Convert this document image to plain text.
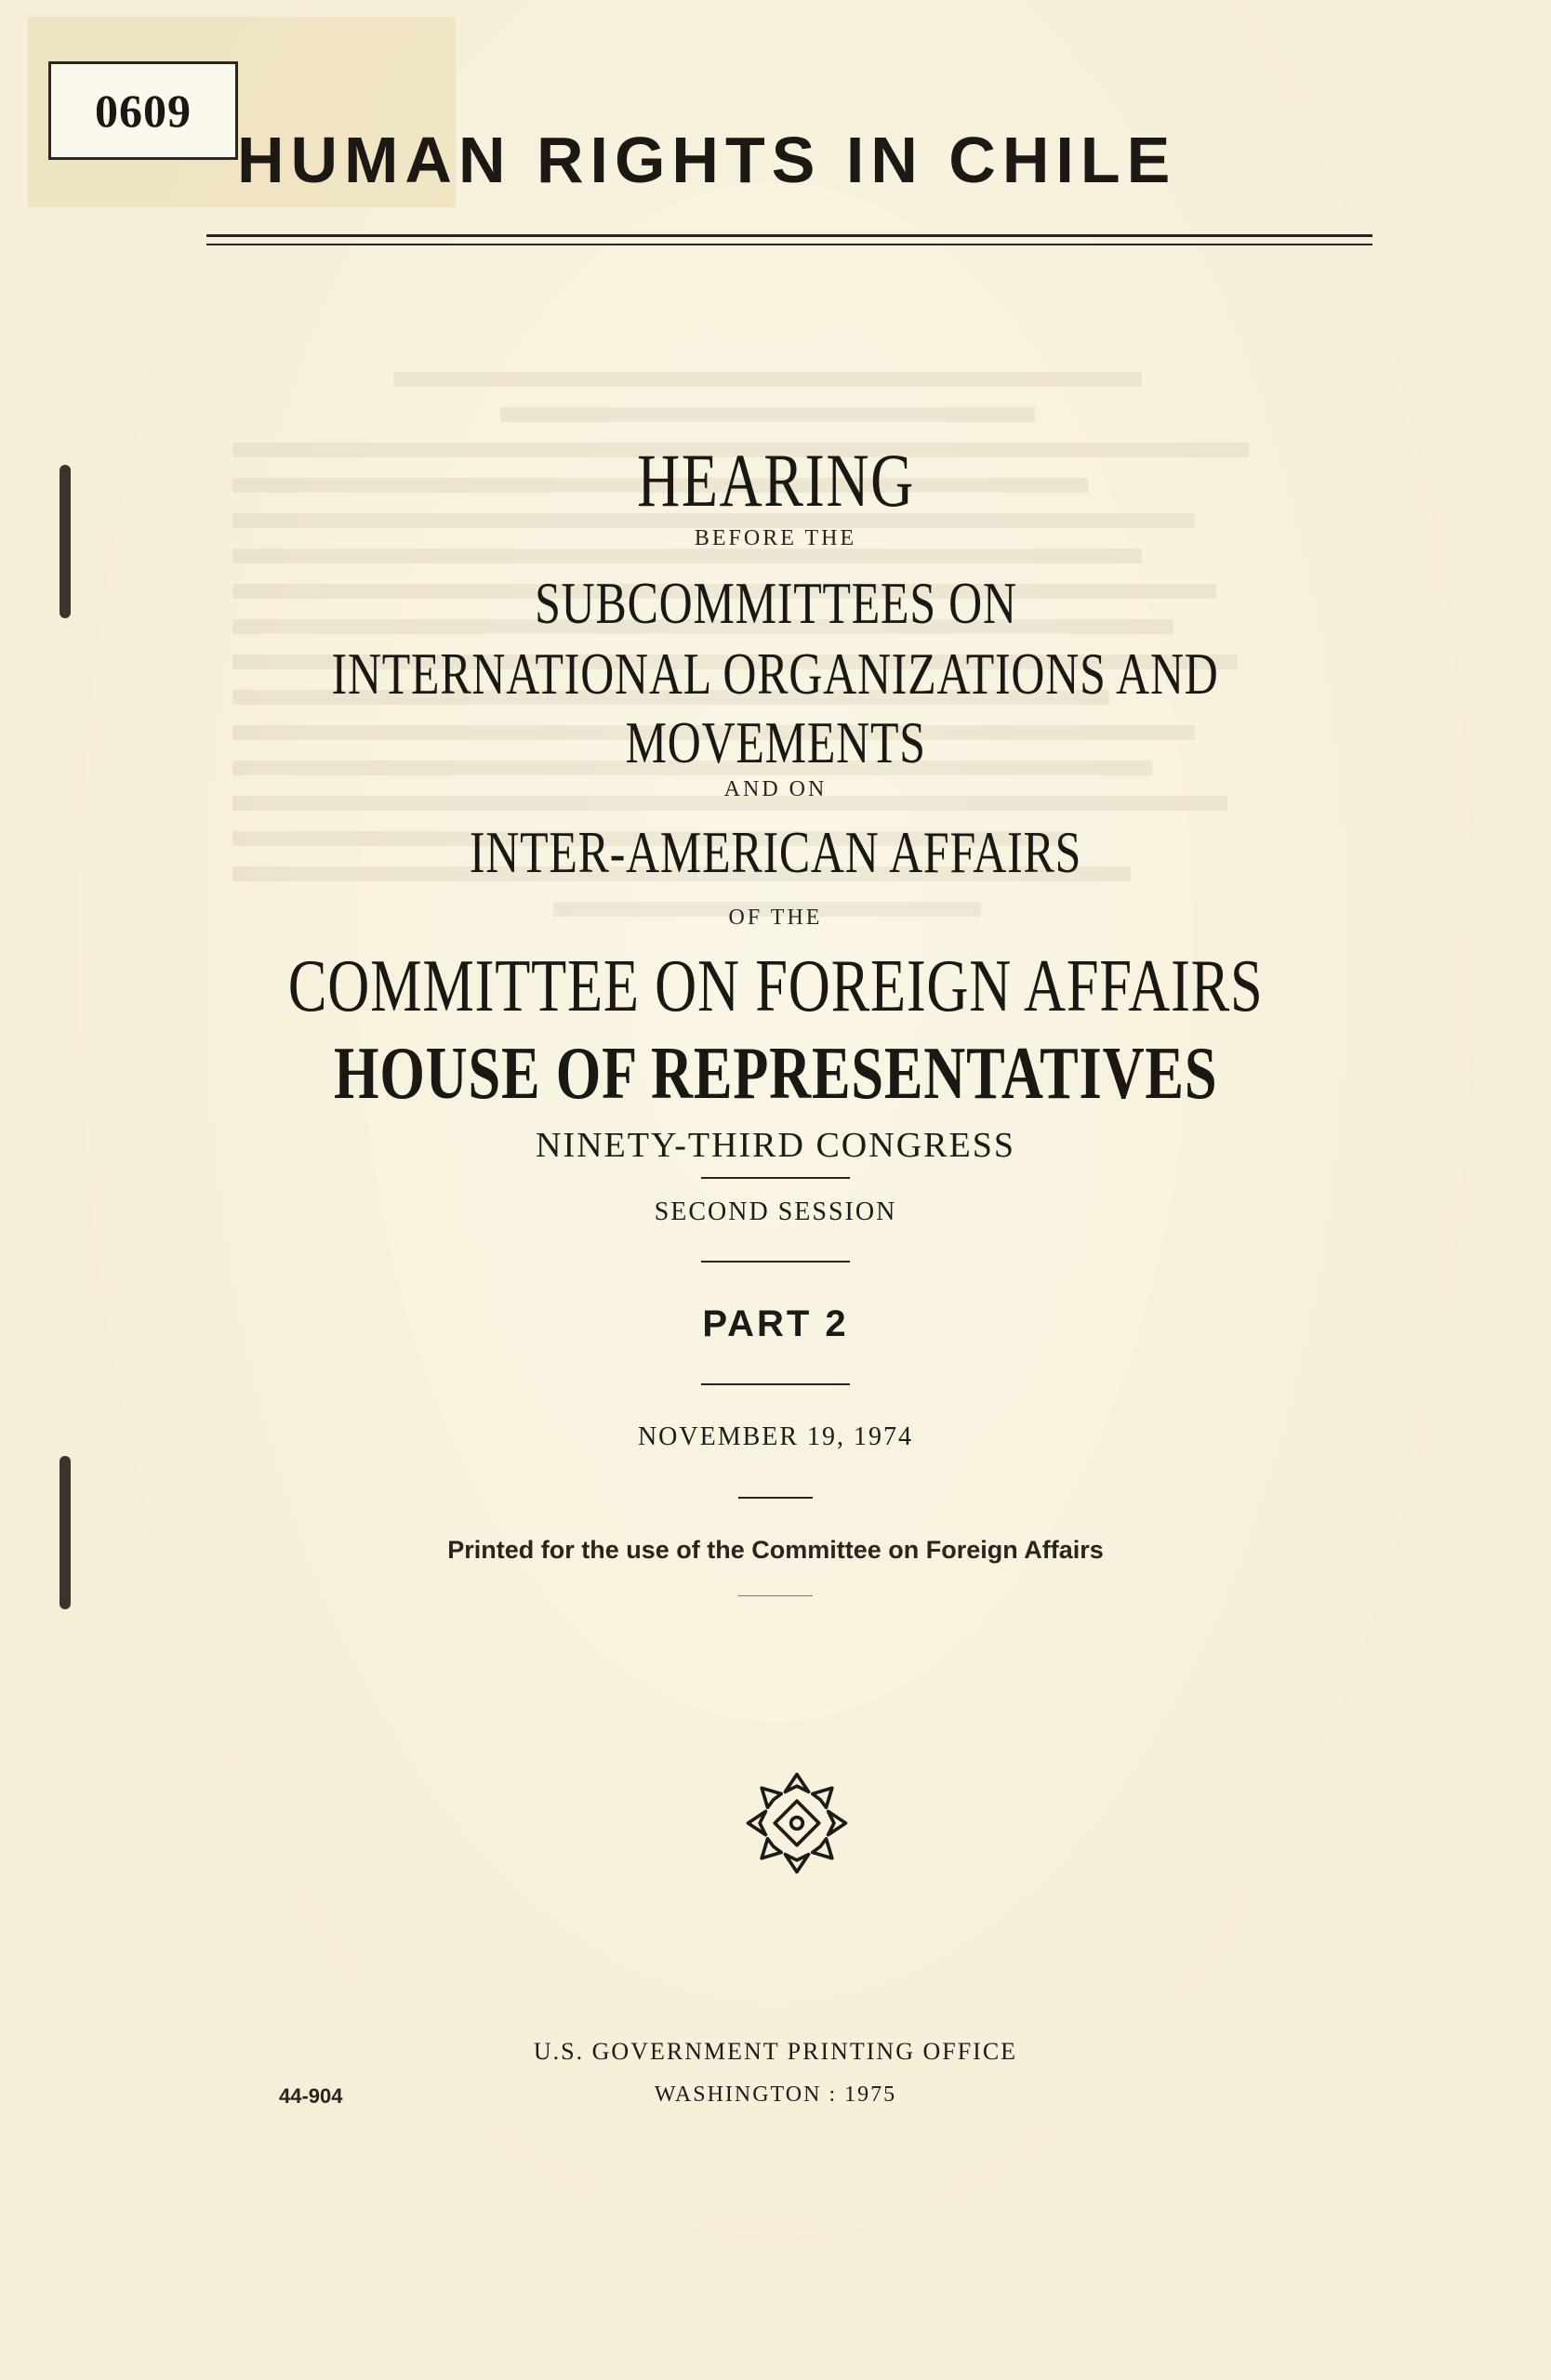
0609
HUMAN RIGHTS IN CHILE
HEARING
BEFORE THE
SUBCOMMITTEES ON
INTERNATIONAL ORGANIZATIONS AND
MOVEMENTS
AND ON
INTER-AMERICAN AFFAIRS
OF THE
COMMITTEE ON FOREIGN AFFAIRS
HOUSE OF REPRESENTATIVES
NINETY-THIRD CONGRESS
SECOND SESSION
PART 2
NOVEMBER 19, 1974
Printed for the use of the Committee on Foreign Affairs
U.S. GOVERNMENT PRINTING OFFICE
WASHINGTON : 1975
44-904
